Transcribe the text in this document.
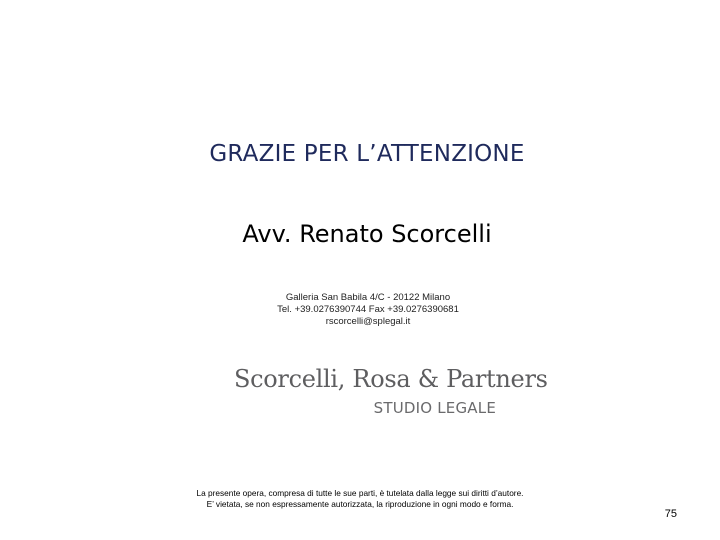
GRAZIE PER L’ATTENZIONE
Avv. Renato Scorcelli
Galleria San Babila 4/C - 20122 Milano
Tel. +39.0276390744 Fax +39.0276390681
rscorcelli@splegal.it
Scorcelli, Rosa & Partners
STUDIO LEGALE
La presente opera, compresa di tutte le sue parti, è tutelata dalla legge sui diritti d’autore.
E’ vietata, se non espressamente autorizzata, la riproduzione in ogni modo e forma.
75
